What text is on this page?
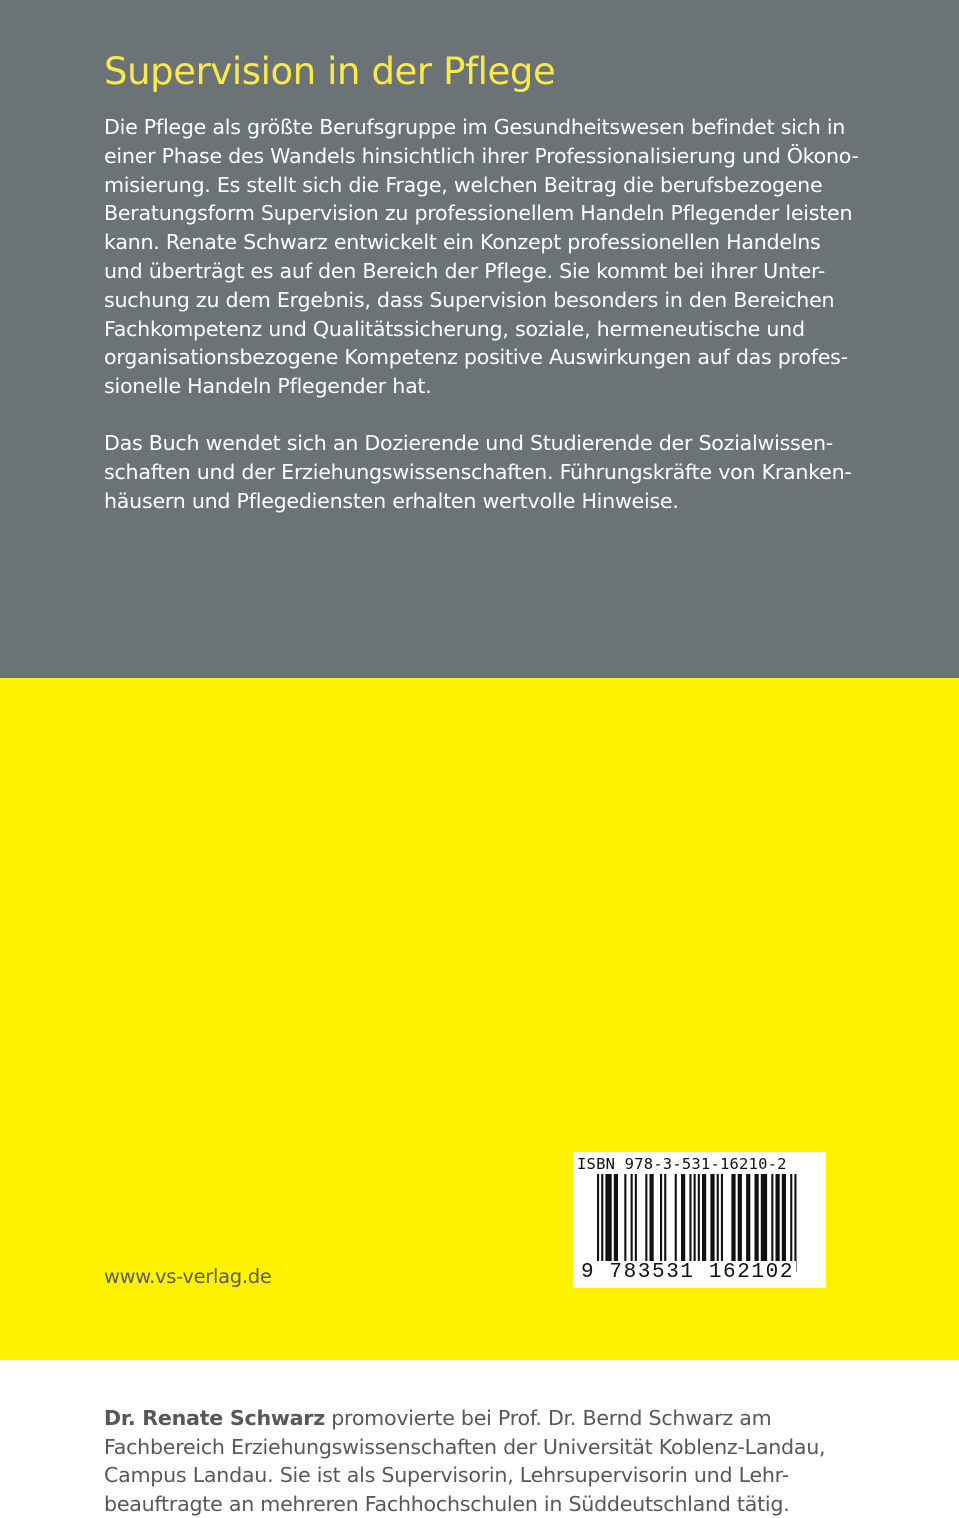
Supervision in der Pflege

Die Pflege als größte Berufsgruppe im Gesundheitswesen befindet sich in
einer Phase des Wandels hinsichtlich ihrer Professionalisierung und Ökono-
misierung. Es stellt sich die Frage, welchen Beitrag die berufsbezogene
Beratungsform Supervision zu professionellem Handeln Pflegender leisten
kann. Renate Schwarz entwickelt ein Konzept professionellen Handelns
und überträgt es auf den Bereich der Pflege. Sie kommt bei ihrer Unter-
suchung zu dem Ergebnis, dass Supervision besonders in den Bereichen
Fachkompetenz und Qualitätssicherung, soziale, hermeneutische und
organisationsbezogene Kompetenz positive Auswirkungen auf das profes-
sionelle Handeln Pflegender hat.

Das Buch wendet sich an Dozierende und Studierende der Sozialwissen-
schaften und der Erziehungswissenschaften. Führungskräfte von Kranken-
häusern und Pflegediensten erhalten wertvolle Hinweise.

Dr. Renate Schwarz promovierte bei Prof. Dr. Bernd Schwarz am
Fachbereich Erziehungswissenschaften der Universität Koblenz-Landau,
Campus Landau. Sie ist als Supervisorin, Lehrsupervisorin und Lehr-
beauftragte an mehreren Fachhochschulen in Süddeutschland tätig.

www.vs-verlag.de
ISBN 978-3-531-16210-2
9 783531 162102
